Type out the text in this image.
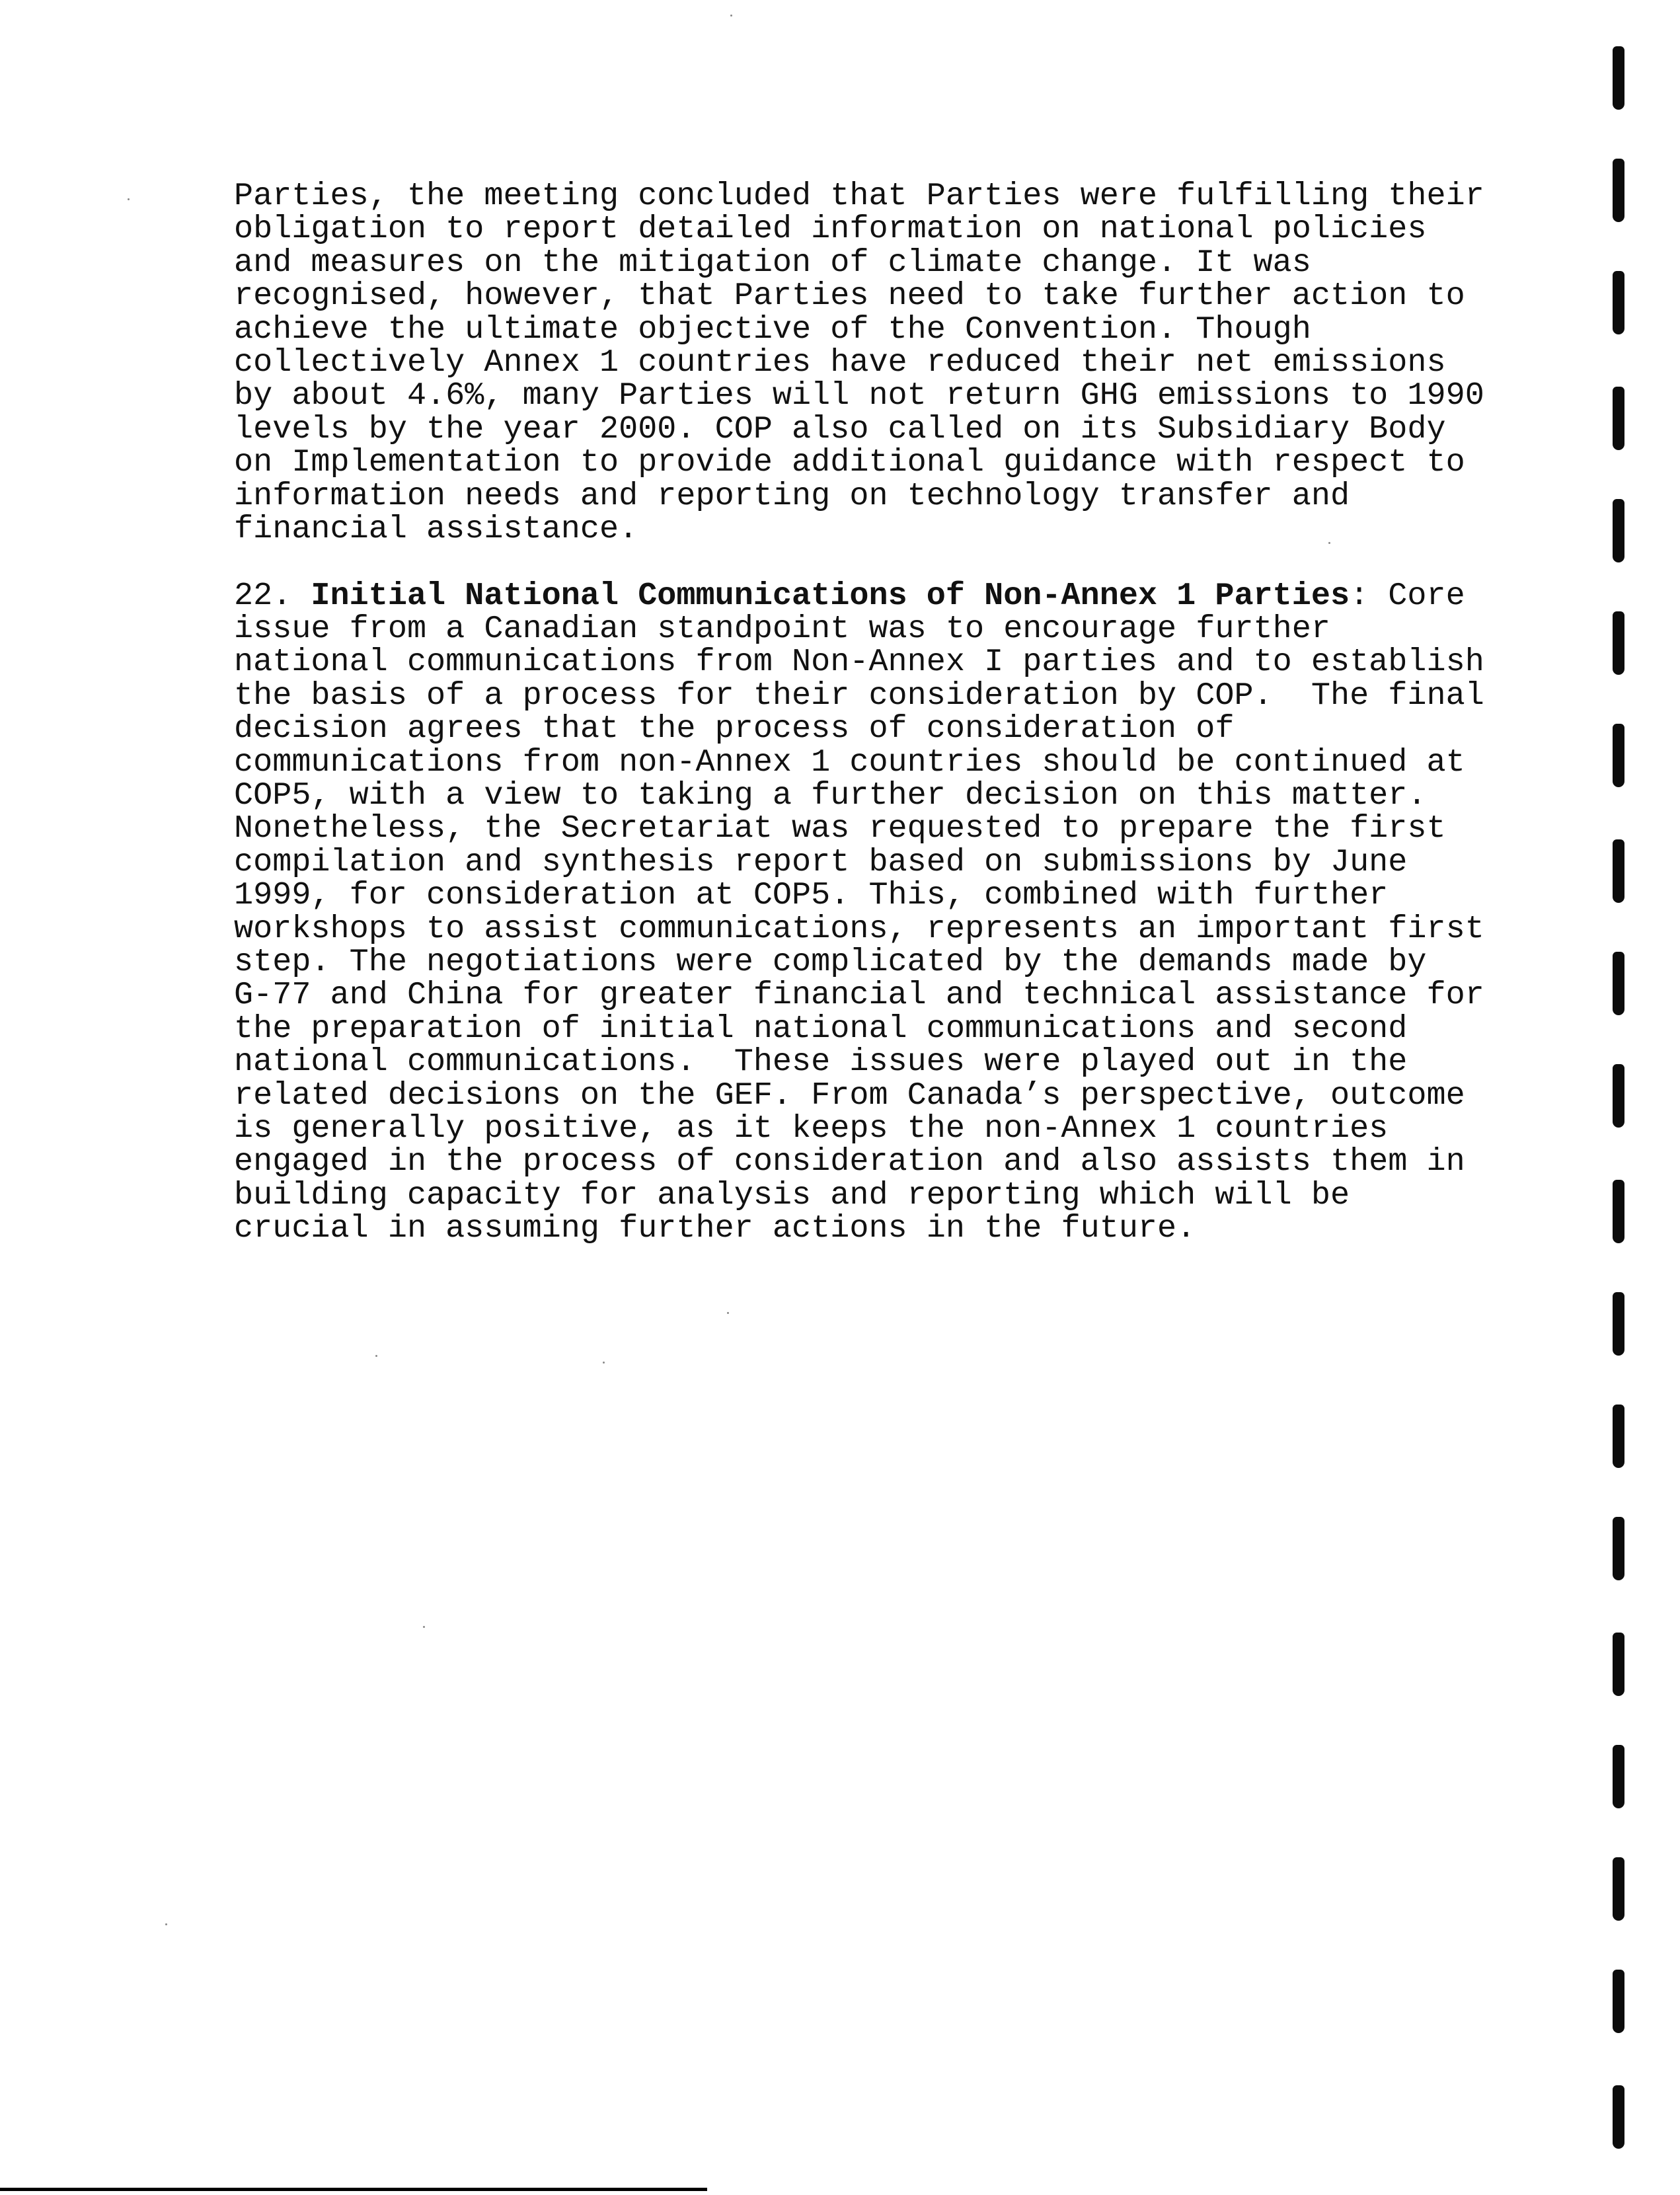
Parties, the meeting concluded that Parties were fulfilling their
obligation to report detailed information on national policies
and measures on the mitigation of climate change. It was
recognised, however, that Parties need to take further action to
achieve the ultimate objective of the Convention. Though
collectively Annex 1 countries have reduced their net emissions
by about 4.6%, many Parties will not return GHG emissions to 1990
levels by the year 2000. COP also called on its Subsidiary Body
on Implementation to provide additional guidance with respect to
information needs and reporting on technology transfer and
financial assistance.
22. Initial National Communications of Non-Annex 1 Parties: Core
issue from a Canadian standpoint was to encourage further
national communications from Non-Annex I parties and to establish
the basis of a process for their consideration by COP.  The final
decision agrees that the process of consideration of
communications from non-Annex 1 countries should be continued at
COP5, with a view to taking a further decision on this matter.
Nonetheless, the Secretariat was requested to prepare the first
compilation and synthesis report based on submissions by June
1999, for consideration at COP5. This, combined with further
workshops to assist communications, represents an important first
step. The negotiations were complicated by the demands made by
G-77 and China for greater financial and technical assistance for
the preparation of initial national communications and second
national communications.  These issues were played out in the
related decisions on the GEF. From Canada’s perspective, outcome
is generally positive, as it keeps the non-Annex 1 countries
engaged in the process of consideration and also assists them in
building capacity for analysis and reporting which will be
crucial in assuming further actions in the future.
